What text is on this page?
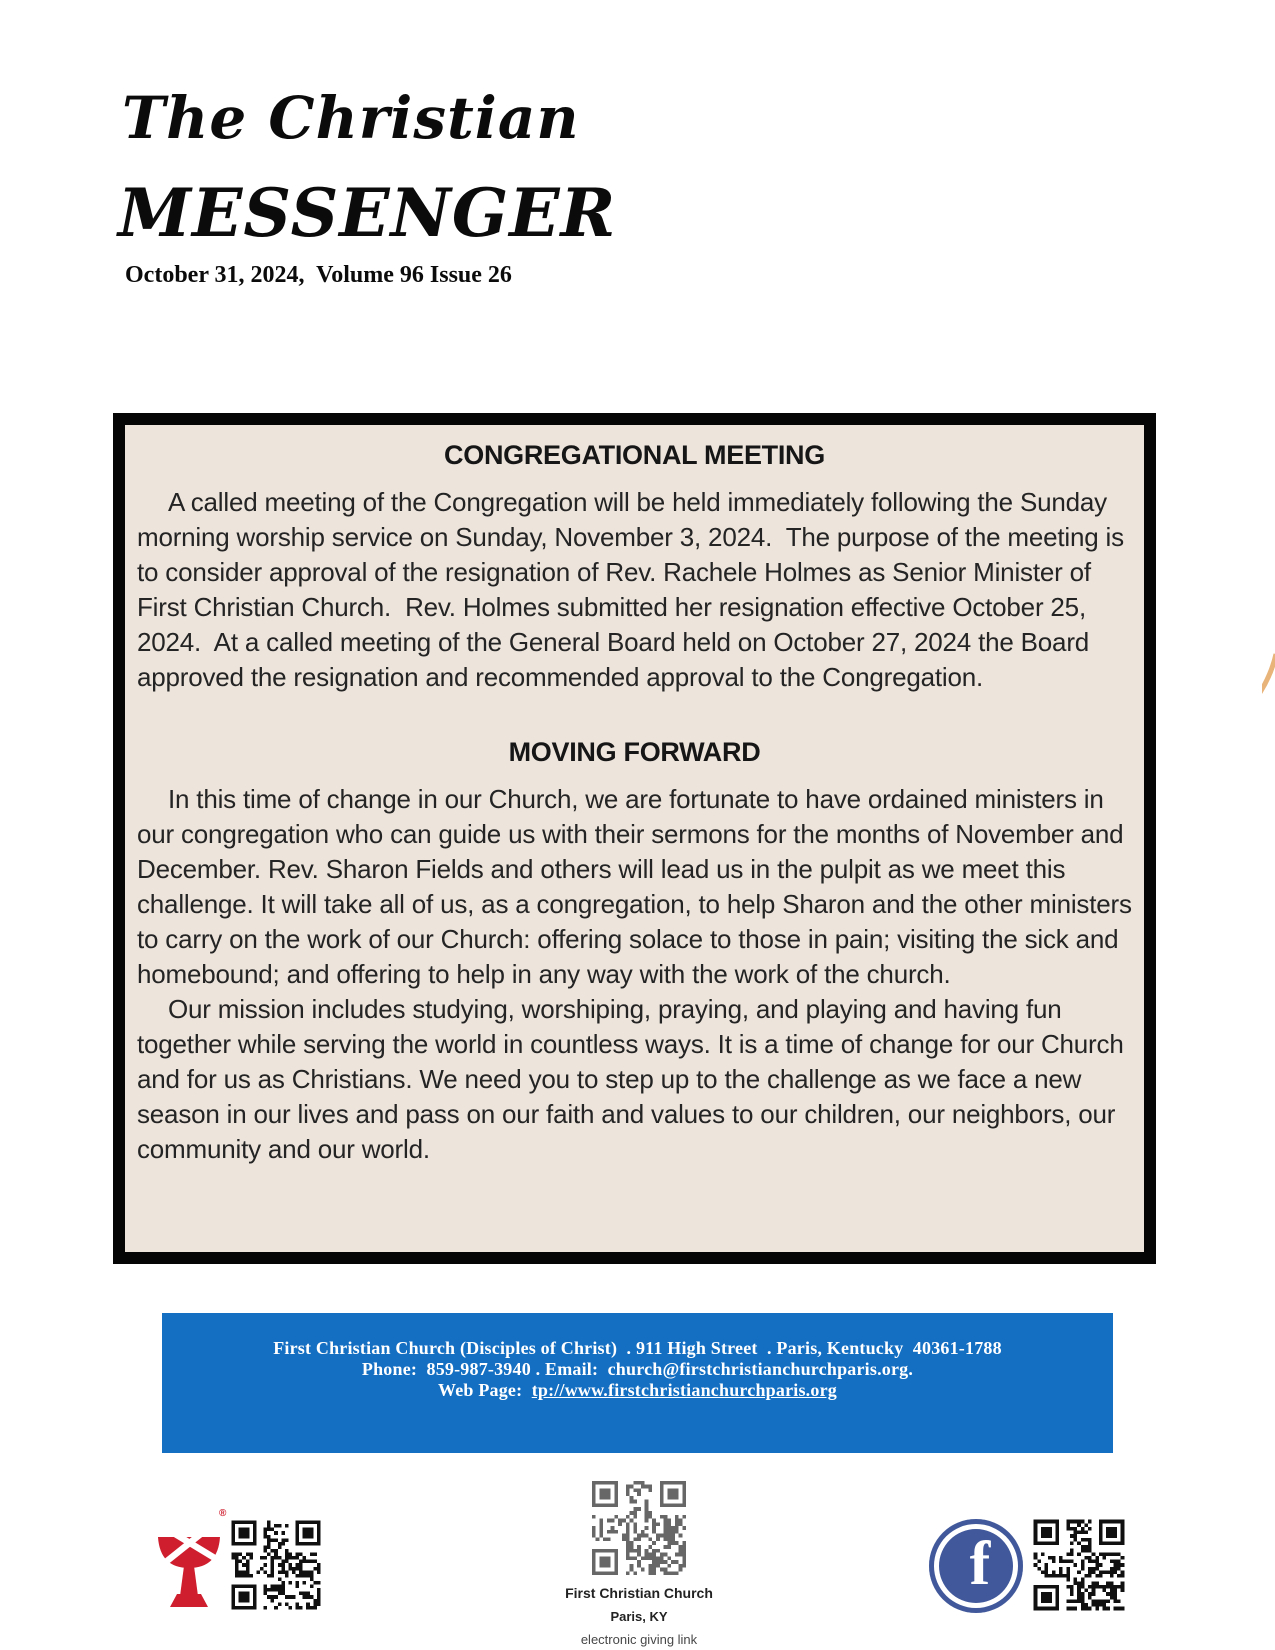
The Christian
MESSENGER
October 31, 2024,  Volume 96 Issue 26
CONGREGATIONAL MEETING

A called meeting of the Congregation will be held immediately following the Sunday morning worship service on Sunday, November 3, 2024.  The purpose of the meeting is to consider approval of the resignation of Rev. Rachele Holmes as Senior Minister of First Christian Church.  Rev. Holmes submitted her resignation effective October 25, 2024.  At a called meeting of the General Board held on October 27, 2024 the Board approved the resignation and recommended approval to the Congregation.

MOVING FORWARD

In this time of change in our Church, we are fortunate to have ordained ministers in our congregation who can guide us with their sermons for the months of November and December. Rev. Sharon Fields and others will lead us in the pulpit as we meet this challenge. It will take all of us, as a congregation, to help Sharon and the other ministers to carry on the work of our Church: offering solace to those in pain; visiting the sick and homebound; and offering to help in any way with the work of the church.

Our mission includes studying, worshiping, praying, and playing and having fun together while serving the world in countless ways. It is a time of change for our Church and for us as Christians. We need you to step up to the challenge as we face a new season in our lives and pass on our faith and values to our children, our neighbors, our community and our world.

First Christian Church (Disciples of Christ)  . 911 High Street  . Paris, Kentucky  40361-1788
Phone:  859-987-3940 . Email:  church@firstchristianchurchparis.org.
Web Page:  tp://www.firstchristianchurchparis.org
®
First Christian Church
Paris, KY
electronic giving link
f
